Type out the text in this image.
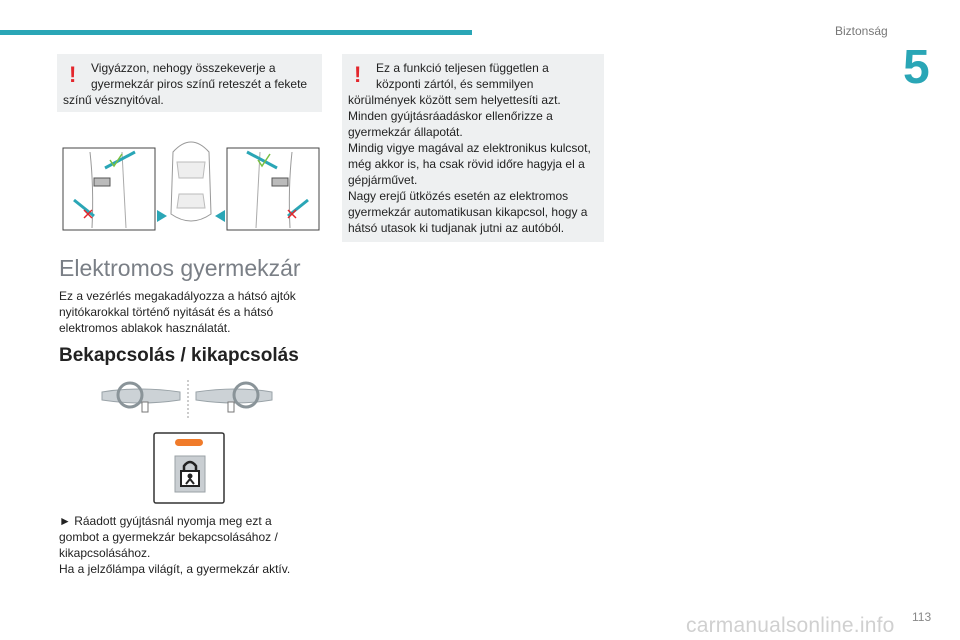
Biztonság
5
!	Vigyázzon, nehogy összekeverje a
gyermekzár piros színű reteszét a fekete
színű vésznyitóval.
!	Ez a funkció teljesen független a
központi zártól, és semmilyen
körülmények között sem helyettesíti azt.
Minden gyújtásráadáskor ellenőrizze a
gyermekzár állapotát.
Mindig vigye magával az elektronikus kulcsot,
még akkor is, ha csak rövid időre hagyja el a
gépjárművet.
Nagy erejű ütközés esetén az elektromos
gyermekzár automatikusan kikapcsol, hogy a
hátsó utasok ki tudjanak jutni az autóból.
Elektromos gyermekzár
Ez a vezérlés megakadályozza a hátsó ajtók
nyitókarokkal történő nyitását és a hátsó
elektromos ablakok használatát.
Bekapcsolás / kikapcsolás
► Ráadott gyújtásnál nyomja meg ezt a
gombot a gyermekzár bekapcsolásához /
kikapcsolásához.
Ha a jelzőlámpa világít, a gyermekzár aktív.
carmanualsonline.info 113
